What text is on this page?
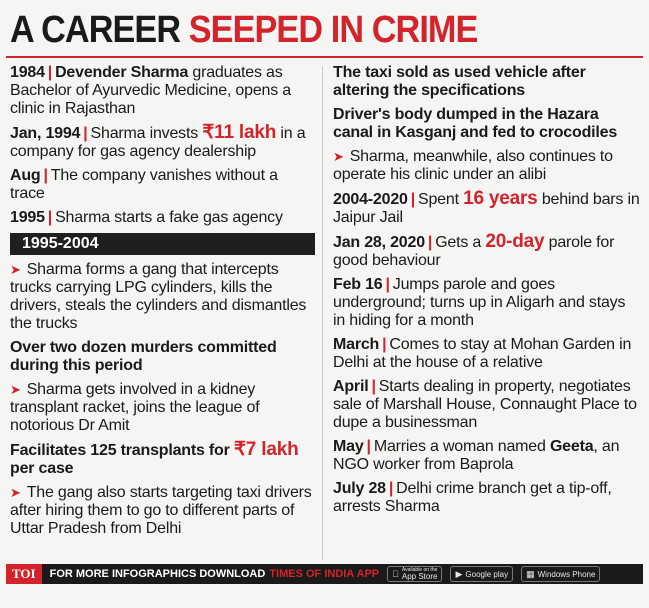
A CAREER SEEPED IN CRIME
1984 | Devender Sharma graduates as Bachelor of Ayurvedic Medicine, opens a clinic in Rajasthan
Jan, 1994 | Sharma invests ₹11 lakh in a company for gas agency dealership
Aug | The company vanishes without a trace
1995 | Sharma starts a fake gas agency
1995-2004
➤ Sharma forms a gang that intercepts trucks carrying LPG cylinders, kills the drivers, steals the cylinders and dismantles the trucks
Over two dozen murders committed during this period
➤ Sharma gets involved in a kidney transplant racket, joins the league of notorious Dr Amit
Facilitates 125 transplants for ₹7 lakh per case
➤ The gang also starts targeting taxi drivers after hiring them to go to different parts of Uttar Pradesh from Delhi
The taxi sold as used vehicle after altering the specifications
Driver's body dumped in the Hazara canal in Kasganj and fed to crocodiles
➤ Sharma, meanwhile, also continues to operate his clinic under an alibi
2004-2020 | Spent 16 years behind bars in Jaipur Jail
Jan 28, 2020 | Gets a 20-day parole for good behaviour
Feb 16 | Jumps parole and goes underground; turns up in Aligarh and stays in hiding for a month
March | Comes to stay at Mohan Garden in Delhi at the house of a relative
April | Starts dealing in property, negotiates sale of Marshall House, Connaught Place to dupe a businessman
May | Marries a woman named Geeta, an NGO worker from Baprola
July 28 | Delhi crime branch get a tip-off, arrests Sharma
TOI	FOR MORE INFOGRAPHICS DOWNLOAD TIMES OF INDIA APP	Available on the
App Store ▶ Google play ▦ Windows Phone
